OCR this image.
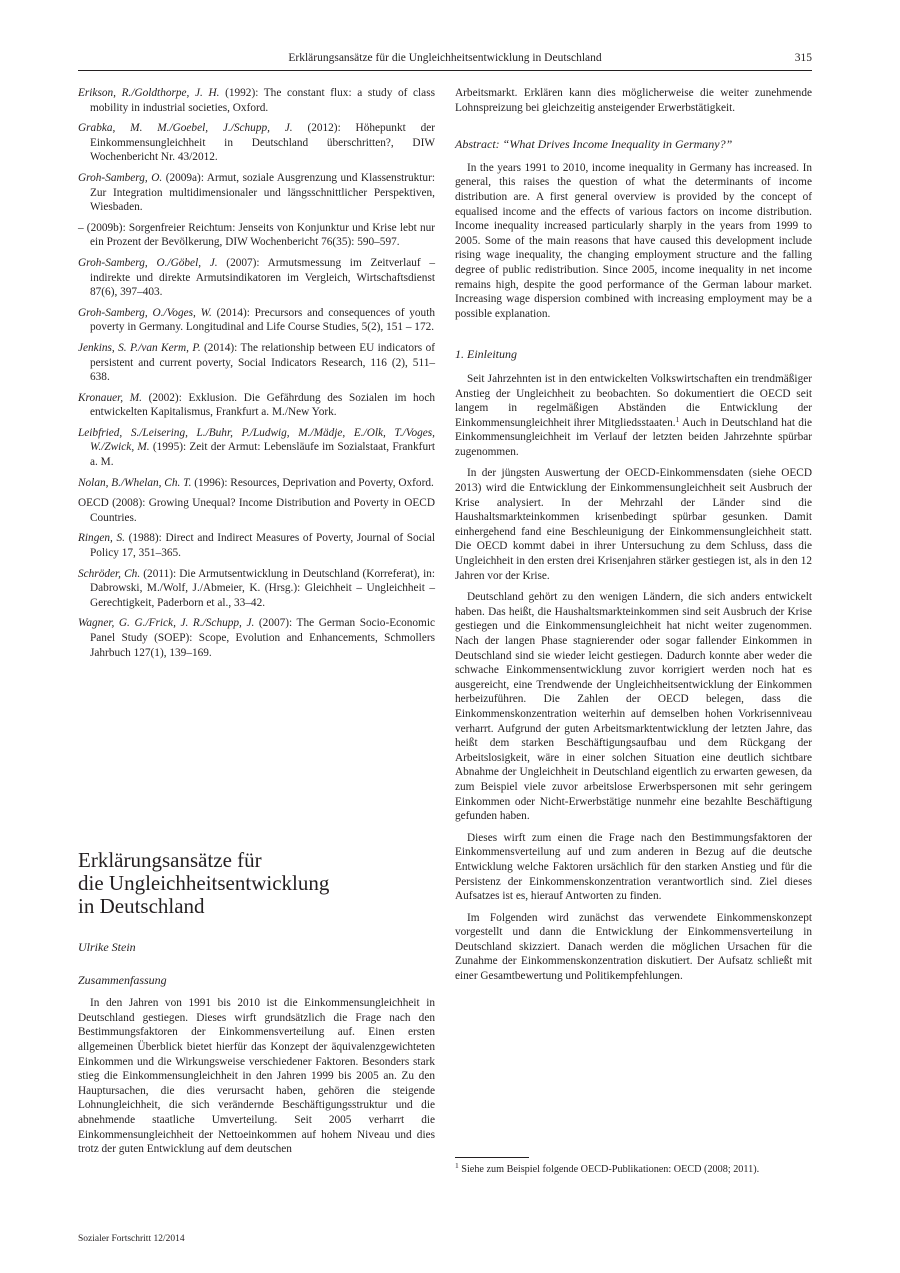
Erklärungsansätze für die Ungleichheitsentwicklung in Deutschland	315

Erikson, R./Goldthorpe, J. H. (1992): The constant flux: a study of class mobility in industrial societies, Oxford.

Grabka, M. M./Goebel, J./Schupp, J. (2012): Höhepunkt der Einkommensungleichheit in Deutschland überschritten?, DIW Wochenbericht Nr. 43/2012.

Groh-Samberg, O. (2009a): Armut, soziale Ausgrenzung und Klassenstruktur: Zur Integration multidimensionaler und längsschnittlicher Perspektiven, Wiesbaden.

– (2009b): Sorgenfreier Reichtum: Jenseits von Konjunktur und Krise lebt nur ein Prozent der Bevölkerung, DIW Wochenbericht 76(35): 590–597.

Groh-Samberg, O./Göbel, J. (2007): Armutsmessung im Zeitverlauf – indirekte und direkte Armutsindikatoren im Vergleich, Wirtschaftsdienst 87(6), 397–403.

Groh-Samberg, O./Voges, W. (2014): Precursors and consequences of youth poverty in Germany. Longitudinal and Life Course Studies, 5(2), 151 – 172.

Jenkins, S. P./van Kerm, P. (2014): The relationship between EU indicators of persistent and current poverty, Social Indicators Research, 116 (2), 511–638.

Kronauer, M. (2002): Exklusion. Die Gefährdung des Sozialen im hoch entwickelten Kapitalismus, Frankfurt a. M./New York.

Leibfried, S./Leisering, L./Buhr, P./Ludwig, M./Mädje, E./Olk, T./Voges, W./Zwick, M. (1995): Zeit der Armut: Lebensläufe im Sozialstaat, Frankfurt a. M.

Nolan, B./Whelan, Ch. T. (1996): Resources, Deprivation and Poverty, Oxford.

OECD (2008): Growing Unequal? Income Distribution and Poverty in OECD Countries.

Ringen, S. (1988): Direct and Indirect Measures of Poverty, Journal of Social Policy 17, 351–365.

Schröder, Ch. (2011): Die Armutsentwicklung in Deutschland (Korreferat), in: Dabrowski, M./Wolf, J./Abmeier, K. (Hrsg.): Gleichheit – Ungleichheit – Gerechtigkeit, Paderborn et al., 33–42.

Wagner, G. G./Frick, J. R./Schupp, J. (2007): The German Socio-Economic Panel Study (SOEP): Scope, Evolution and Enhancements, Schmollers Jahrbuch 127(1), 139–169.

Erklärungsansätze für

die Ungleichheitsentwicklung

in Deutschland

Ulrike Stein

Zusammenfassung

In den Jahren von 1991 bis 2010 ist die Einkommensungleichheit in Deutschland gestiegen. Dieses wirft grundsätzlich die Frage nach den Bestimmungsfaktoren der Einkommensverteilung auf. Einen ersten allgemeinen Überblick bietet hierfür das Konzept der äquivalenzgewichteten Einkommen und die Wirkungsweise verschiedener Faktoren. Besonders stark stieg die Einkommensungleichheit in den Jahren 1999 bis 2005 an. Zu den Hauptursachen, die dies verursacht haben, gehören die steigende Lohnungleichheit, die sich verändernde Beschäftigungsstruktur und die abnehmende staatliche Umverteilung. Seit 2005 verharrt die Einkommensungleichheit der Nettoeinkommen auf hohem Niveau und dies trotz der guten Entwicklung auf dem deutschen

Arbeitsmarkt. Erklären kann dies möglicherweise die weiter zunehmende Lohnspreizung bei gleichzeitig ansteigender Erwerbstätigkeit.

Abstract: “What Drives Income Inequality in Germany?”

In the years 1991 to 2010, income inequality in Germany has increased. In general, this raises the question of what the determinants of income distribution are. A first general overview is provided by the concept of equalised income and the effects of various factors on income distribution. Income inequality increased particularly sharply in the years from 1999 to 2005. Some of the main reasons that have caused this development include rising wage inequality, the changing employment structure and the falling degree of public redistribution. Since 2005, income inequality in net income remains high, despite the good performance of the German labour market. Increasing wage dispersion combined with increasing employment may be a possible explanation.

1. Einleitung

Seit Jahrzehnten ist in den entwickelten Volkswirtschaften ein trendmäßiger Anstieg der Ungleichheit zu beobachten. So dokumentiert die OECD seit langem in regelmäßigen Abständen die Entwicklung der Einkommensungleichheit ihrer Mitgliedsstaaten.$^1$ Auch in Deutschland hat die Einkommensungleichheit im Verlauf der letzten beiden Jahrzehnte spürbar zugenommen.

In der jüngsten Auswertung der OECD-Einkommensdaten (siehe OECD 2013) wird die Entwicklung der Einkommensungleichheit seit Ausbruch der Krise analysiert. In der Mehrzahl der Länder sind die Haushaltsmarkteinkommen krisenbedingt spürbar gesunken. Damit einhergehend fand eine Beschleunigung der Einkommensungleichheit statt. Die OECD kommt dabei in ihrer Untersuchung zu dem Schluss, dass die Ungleichheit in den ersten drei Krisenjahren stärker gestiegen ist, als in den 12 Jahren vor der Krise.

Deutschland gehört zu den wenigen Ländern, die sich anders entwickelt haben. Das heißt, die Haushaltsmarkteinkommen sind seit Ausbruch der Krise gestiegen und die Einkommensungleichheit hat nicht weiter zugenommen. Nach der langen Phase stagnierender oder sogar fallender Einkommen in Deutschland sind sie wieder leicht gestiegen. Dadurch konnte aber weder die schwache Einkommensentwicklung zuvor korrigiert werden noch hat es ausgereicht, eine Trendwende der Ungleichheitsentwicklung der Einkommen herbeizuführen. Die Zahlen der OECD belegen, dass die Einkommenskonzentration weiterhin auf demselben hohen Vorkrisenniveau verharrt. Aufgrund der guten Arbeitsmarktentwicklung der letzten Jahre, das heißt dem starken Beschäftigungsaufbau und dem Rückgang der Arbeitslosigkeit, wäre in einer solchen Situation eine deutlich sichtbare Abnahme der Ungleichheit in Deutschland eigentlich zu erwarten gewesen, da zum Beispiel viele zuvor arbeitslose Erwerbspersonen mit sehr geringem Einkommen oder Nicht-Erwerbstätige nunmehr eine bezahlte Beschäftigung gefunden haben.

Dieses wirft zum einen die Frage nach den Bestimmungsfaktoren der Einkommensverteilung auf und zum anderen in Bezug auf die deutsche Entwicklung welche Faktoren ursächlich für den starken Anstieg und für die Persistenz der Einkommenskonzentration verantwortlich sind. Ziel dieses Aufsatzes ist es, hierauf Antworten zu finden.

Im Folgenden wird zunächst das verwendete Einkommenskonzept vorgestellt und dann die Entwicklung der Einkommensverteilung in Deutschland skizziert. Danach werden die möglichen Ursachen für die Zunahme der Einkommenskonzentration diskutiert. Der Aufsatz schließt mit einer Gesamtbewertung und Politikempfehlungen.

$^1$ Siehe zum Beispiel folgende OECD-Publikationen: OECD (2008; 2011).

Sozialer Fortschritt 12/2014
